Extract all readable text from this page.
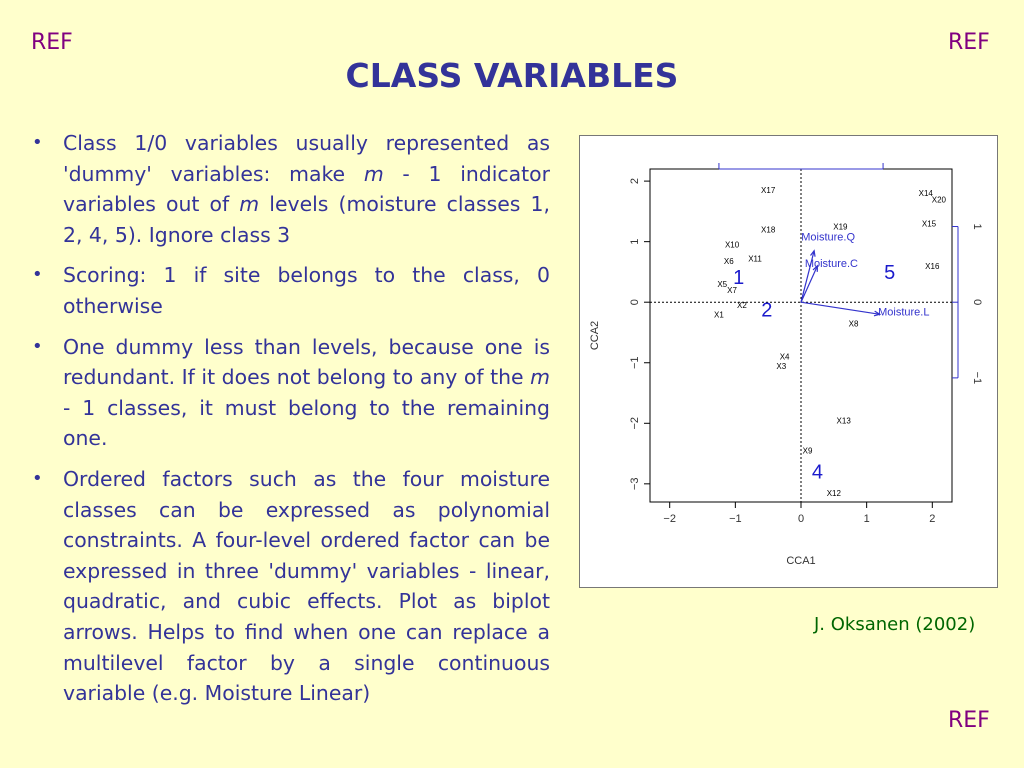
REF	REF
REF
CLASS VARIABLES
• Class 1/0 variables usually represented as 'dummy' variables: make m - 1 indicator variables out of m levels (moisture classes 1, 2, 4, 5). Ignore class 3
• Scoring: 1 if site belongs to the class, 0 otherwise
• One dummy less than levels, because one is redundant. If it does not belong to any of the m - 1 classes, it must belong to the remaining one.
• Ordered factors such as the four moisture classes can be expressed as polynomial constraints. A four-level ordered factor can be expressed in three 'dummy' variables - linear, quadratic, and cubic effects. Plot as biplot arrows. Helps to find when one can replace a multilevel factor by a single continuous variable (e.g. Moisture Linear)
−2	−1	0	1	2
−3
−2
−1
0
1
2
1
0
−1
CCA1
CCA2
X17	X14
X20
X19	X15
X18
X10
X11
X6
X16
X5
X7
X2
X1
X8
X4
X3
X13
X9
X12
Moisture.Q
Moisture.C
Moisture.L
1
2
5
4
J. Oksanen (2002)
